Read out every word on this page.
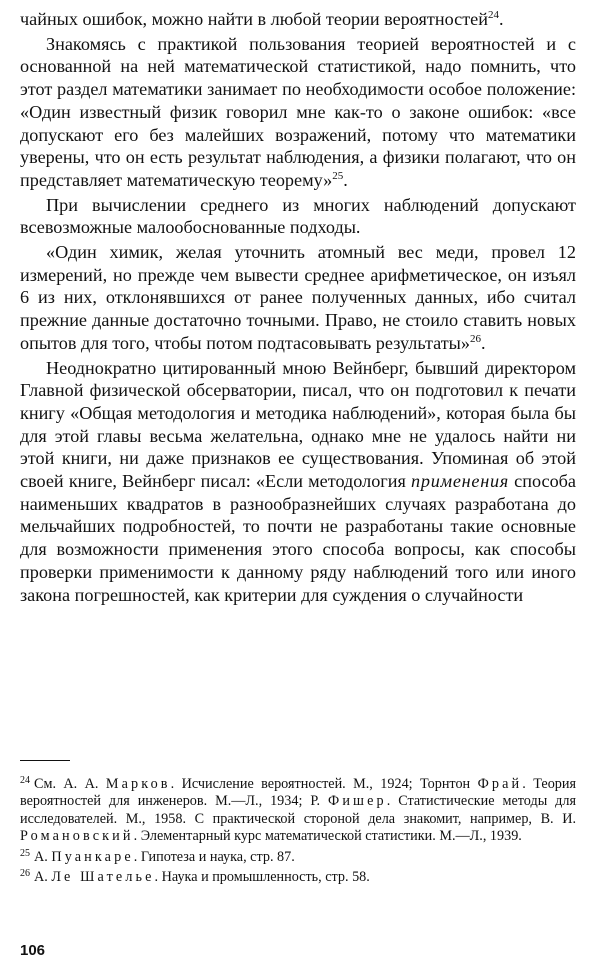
чайных ошибок, можно найти в любой теории вероятностей$^{24}$.

Знакомясь с практикой пользования теорией вероятностей и с основанной на ней математической статистикой, надо помнить, что этот раздел математики занимает по необходимости особое положение: «Один известный физик говорил мне как-то о законе ошибок: «все допускают его без малейших возражений, потому что математики уверены, что он есть результат наблюдения, а физики полагают, что он представляет математическую теорему»$^{25}$.

При вычислении среднего из многих наблюдений допускают всевозможные малообоснованные подходы.

«Один химик, желая уточнить атомный вес меди, провел 12 измерений, но прежде чем вывести среднее арифметическое, он изъял 6 из них, отклонявшихся от ранее полученных данных, ибо считал прежние данные достаточно точными. Право, не стоило ставить новых опытов для того, чтобы потом подтасовывать результаты»$^{26}$.

Неоднократно цитированный мною Вейнберг, бывший директором Главной физической обсерватории, писал, что он подготовил к печати книгу «Общая методология и методика наблюдений», которая была бы для этой главы весьма желательна, однако мне не удалось найти ни этой книги, ни даже признаков ее существования. Упоминая об этой своей книге, Вейнберг писал: «Если методология применения способа наименьших квадратов в разнообразнейших случаях разработана до мельчайших подробностей, то почти не разработаны такие основные для возможности применения этого способа вопросы, как способы проверки применимости к данному ряду наблюдений того или иного закона погрешностей, как критерии для суждения о случайности

24 См. А. А. Марков. Исчисление вероятностей. М., 1924; Торнтон Фрай. Теория вероятностей для инженеров. М.—Л., 1934; Р. Фишер. Статистические методы для исследователей. М., 1958. С практической стороной дела знакомит, например, В. И. Романовский. Элементарный курс математической статистики. М.—Л., 1939.

25 А. Пуанкаре. Гипотеза и наука, стр. 87.

26 А. Ле Шателье. Наука и промышленность, стр. 58.

106
